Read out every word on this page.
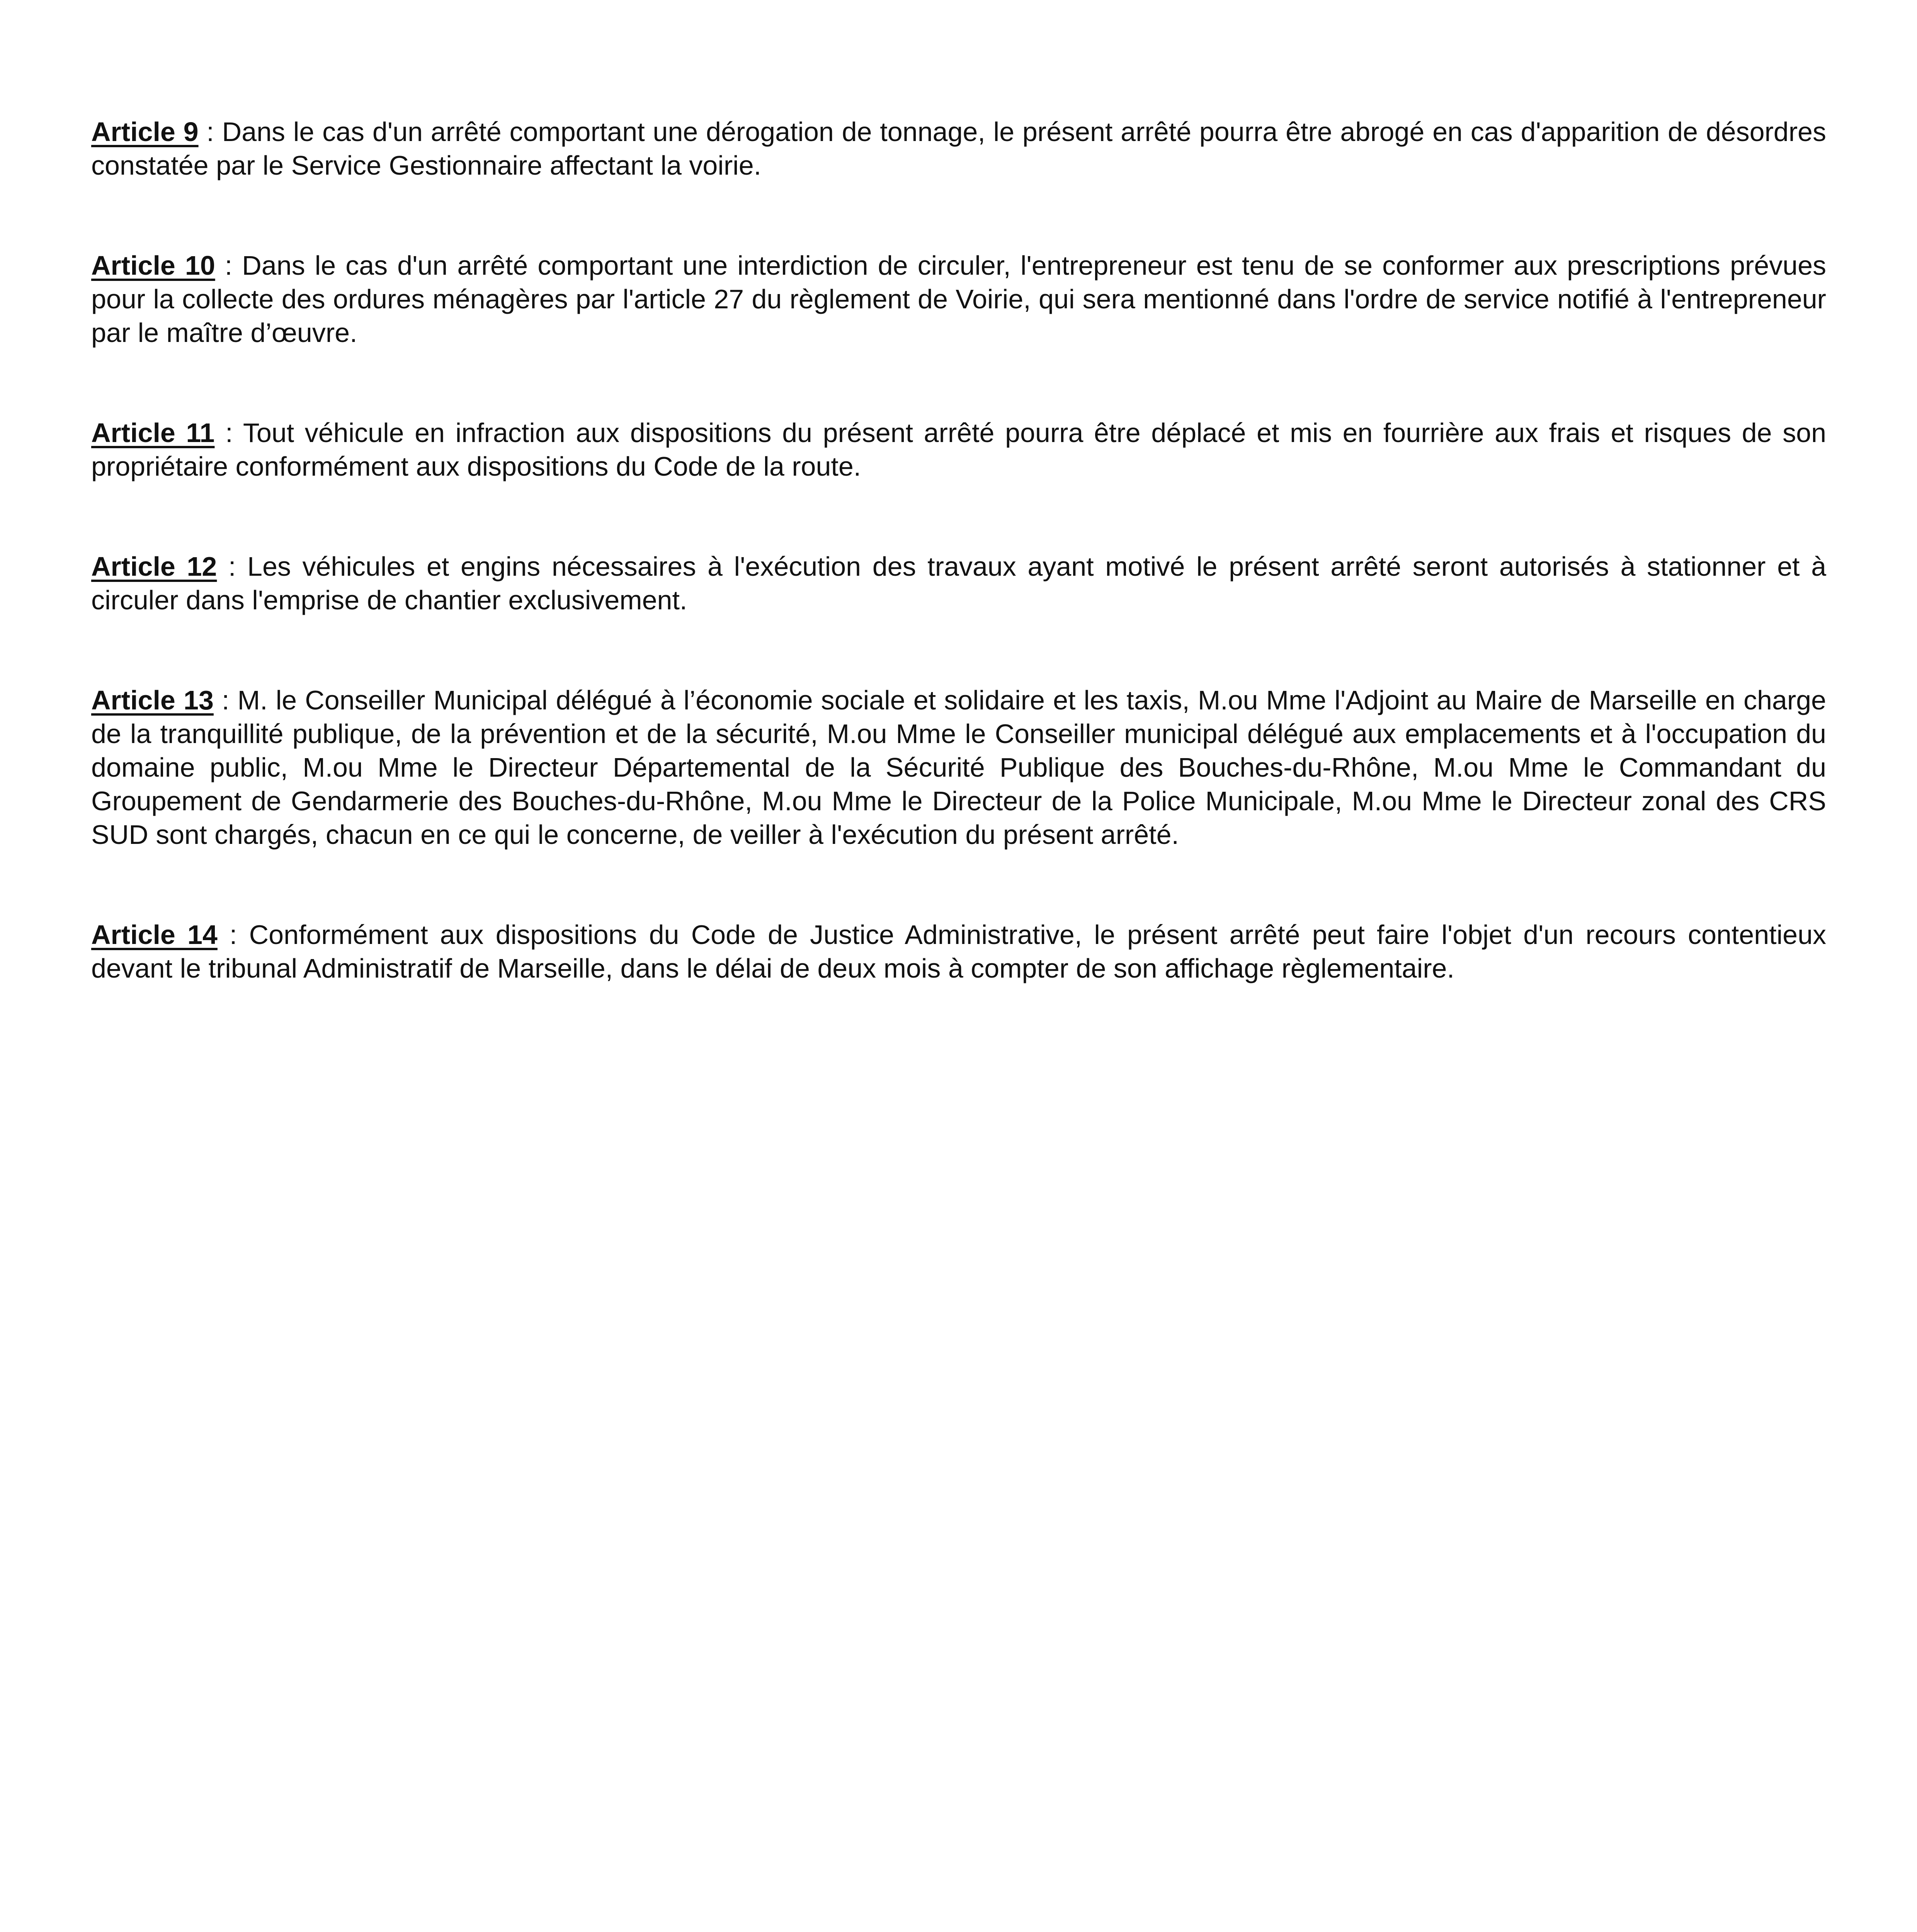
Article 9 : Dans le cas d'un arrêté comportant une dérogation de tonnage, le présent arrêté pourra être abrogé en cas d'apparition de désordres constatée par le Service Gestionnaire affectant la voirie.

Article 10 : Dans le cas d'un arrêté comportant une interdiction de circuler, l'entrepreneur est tenu de se conformer aux prescriptions prévues pour la collecte des ordures ménagères par l'article 27 du règlement de Voirie, qui sera mentionné dans l'ordre de service notifié à l'entrepreneur par le maître d’œuvre.

Article 11 : Tout véhicule en infraction aux dispositions du présent arrêté pourra être déplacé et mis en fourrière aux frais et risques de son propriétaire conformément aux dispositions du Code de la route.

Article 12 : Les véhicules et engins nécessaires à l'exécution des travaux ayant motivé le présent arrêté seront autorisés à stationner et à circuler dans l'emprise de chantier exclusivement.

Article 13 : M. le Conseiller Municipal délégué à l’économie sociale et solidaire et les taxis, M.ou Mme l'Adjoint au Maire de Marseille en charge de la tranquillité publique, de la prévention et de la sécurité, M.ou Mme le Conseiller municipal délégué aux emplacements et à l'occupation du domaine public, M.ou Mme le Directeur Départemental de la Sécurité Publique des Bouches-du-Rhône, M.ou Mme le Commandant du Groupement de Gendarmerie des Bouches-du-Rhône, M.ou Mme le Directeur de la Police Municipale, M.ou Mme le Directeur zonal des CRS SUD sont chargés, chacun en ce qui le concerne, de veiller à l'exécution du présent arrêté.

Article 14 : Conformément aux dispositions du Code de Justice Administrative, le présent arrêté peut faire l'objet d'un recours contentieux devant le tribunal Administratif de Marseille, dans le délai de deux mois à compter de son affichage règlementaire.
